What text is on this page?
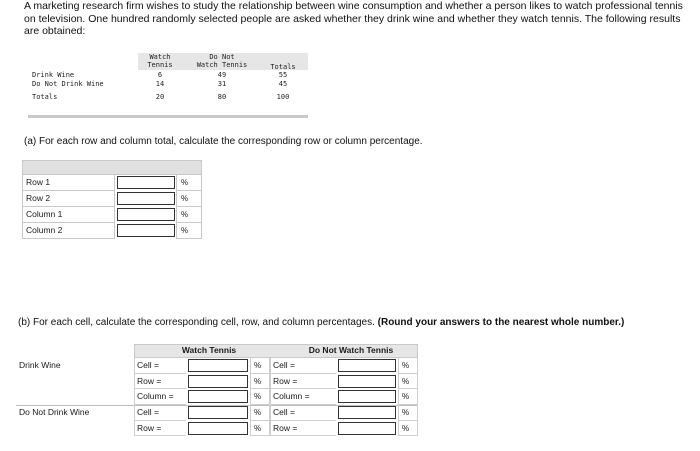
A marketing research firm wishes to study the relationship between wine consumption and whether a person likes to watch professional tennis on television. One hundred randomly selected people are asked whether they drink wine and whether they watch tennis. The following results are obtained:
Watch
Tennis
Do Not
Watch Tennis	Totals
Drink Wine	6	49	55
Do Not Drink Wine	14	31	45
Totals	20	80	100
(a) For each row and column total, calculate the corresponding row or column percentage.
Row 1	%
Row 2	%
Column 1	%
Column 2	%
(b) For each cell, calculate the corresponding cell, row, and column percentages. (Round your answers to the nearest whole number.)
Watch Tennis	Do Not Watch Tennis
Drink Wine	Cell =	%	Cell =	%
Row =	%	Row =	%
Column =	%	Column =	%
Do Not Drink Wine	Cell =	%	Cell =	%
Row =	%	Row =	%
